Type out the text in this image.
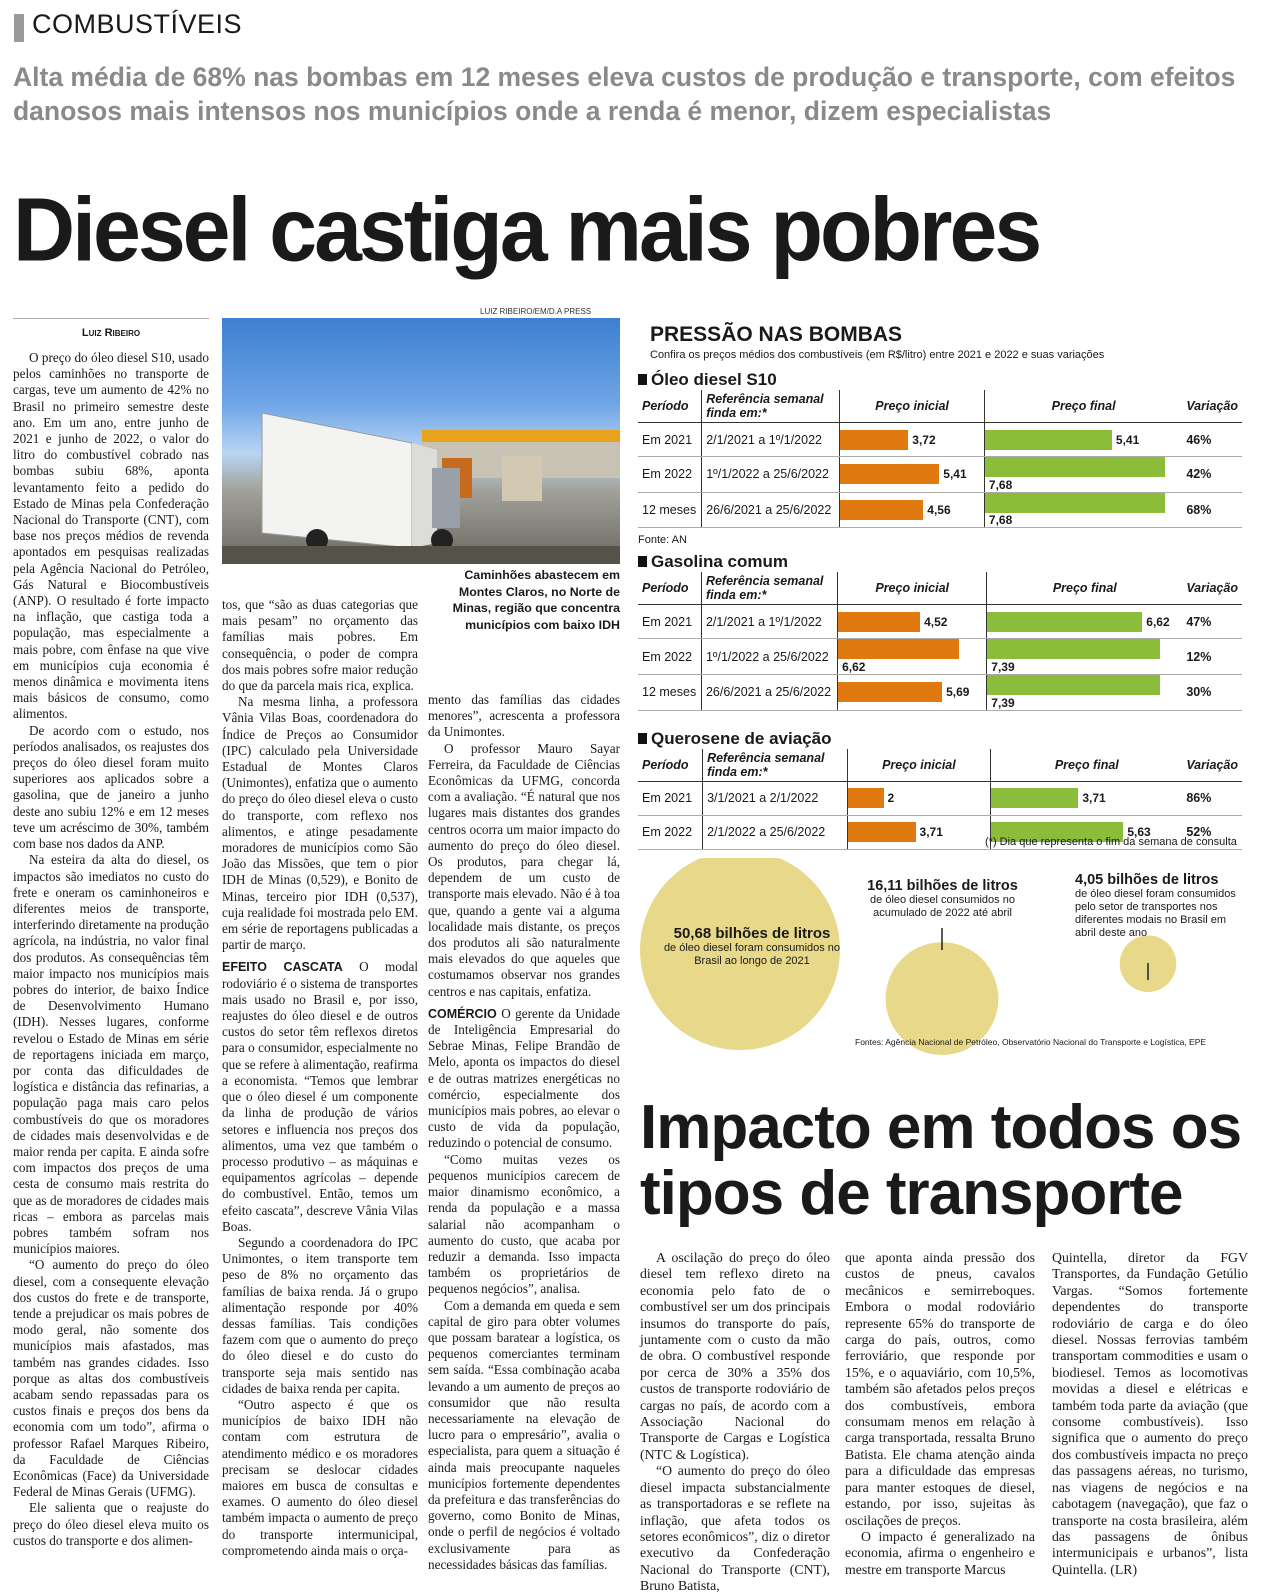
COMBUSTÍVEIS
Alta média de 68% nas bombas em 12 meses eleva custos de produção e transporte, com efeitos danosos mais intensos nos municípios onde a renda é menor, dizem especialistas
Diesel castiga mais pobres
Luiz Ribeiro

O preço do óleo diesel S10, usado pelos caminhões no transporte de cargas, teve um aumento de 42% no Brasil no primeiro semestre deste ano. Em um ano, entre junho de 2021 e junho de 2022, o valor do litro do combustível cobrado nas bombas subiu 68%, aponta levantamento feito a pedido do Estado de Minas pela Confederação Nacional do Transporte (CNT), com base nos preços médios de revenda apontados em pesquisas realizadas pela Agência Nacional do Petróleo, Gás Natural e Biocombustíveis (ANP). O resultado é forte impacto na inflação, que castiga toda a população, mas especialmente a mais pobre, com ênfase na que vive em municípios cuja economia é menos dinâmica e movimenta itens mais básicos de consumo, como alimentos.

De acordo com o estudo, nos períodos analisados, os reajustes dos preços do óleo diesel foram muito superiores aos aplicados sobre a gasolina, que de janeiro a junho deste ano subiu 12% e em 12 meses teve um acréscimo de 30%, também com base nos dados da ANP.

Na esteira da alta do diesel, os impactos são imediatos no custo do frete e oneram os caminhoneiros e diferentes meios de transporte, interferindo diretamente na produção agrícola, na indústria, no valor final dos produtos. As consequências têm maior impacto nos municípios mais pobres do interior, de baixo Índice de Desenvolvimento Humano (IDH). Nesses lugares, conforme revelou o Estado de Minas em série de reportagens iniciada em março, por conta das dificuldades de logística e distância das refinarias, a população paga mais caro pelos combustíveis do que os moradores de cidades mais desenvolvidas e de maior renda per capita. E ainda sofre com impactos dos preços de uma cesta de consumo mais restrita do que as de moradores de cidades mais ricas – embora as parcelas mais pobres também sofram nos municípios maiores.

“O aumento do preço do óleo diesel, com a consequente elevação dos custos do frete e de transporte, tende a prejudicar os mais pobres de modo geral, não somente dos municípios mais afastados, mas também nas grandes cidades. Isso porque as altas dos combustíveis acabam sendo repassadas para os custos finais e preços dos bens da economia com um todo”, afirma o professor Rafael Marques Ribeiro, da Faculdade de Ciências Econômicas (Face) da Universidade Federal de Minas Gerais (UFMG).

Ele salienta que o reajuste do preço do óleo diesel eleva muito os custos do transporte e dos alimen-

LUIZ RIBEIRO/EM/D.A PRESS
Caminhões abastecem em Montes Claros, no Norte de Minas, região que concentra municípios com baixo IDH

tos, que “são as duas categorias que mais pesam” no orçamento das famílias mais pobres. Em consequência, o poder de compra dos mais pobres sofre maior redução do que da parcela mais rica, explica.

Na mesma linha, a professora Vânia Vilas Boas, coordenadora do Índice de Preços ao Consumidor (IPC) calculado pela Universidade Estadual de Montes Claros (Unimontes), enfatiza que o aumento do preço do óleo diesel eleva o custo do transporte, com reflexo nos alimentos, e atinge pesadamente moradores de municípios como São João das Missões, que tem o pior IDH de Minas (0,529), e Bonito de Minas, terceiro pior IDH (0,537), cuja realidade foi mostrada pelo EM. em série de reportagens publicadas a partir de março.

EFEITO CASCATA O modal rodoviário é o sistema de transportes mais usado no Brasil e, por isso, reajustes do óleo diesel e de outros custos do setor têm reflexos diretos para o consumidor, especialmente no que se refere à alimentação, reafirma a economista. “Temos que lembrar que o óleo diesel é um componente da linha de produção de vários setores e influencia nos preços dos alimentos, uma vez que também o processo produtivo – as máquinas e equipamentos agrícolas – depende do combustível. Então, temos um efeito cascata”, descreve Vânia Vilas Boas.

Segundo a coordenadora do IPC Unimontes, o item transporte tem peso de 8% no orçamento das famílias de baixa renda. Já o grupo alimentação responde por 40% dessas famílias. Tais condições fazem com que o aumento do preço do óleo diesel e do custo do transporte seja mais sentido nas cidades de baixa renda per capita.

“Outro aspecto é que os municípios de baixo IDH não contam com estrutura de atendimento médico e os moradores precisam se deslocar cidades maiores em busca de consultas e exames. O aumento do óleo diesel também impacta o aumento de preço do transporte intermunicipal, comprometendo ainda mais o orça-

mento das famílias das cidades menores”, acrescenta a professora da Unimontes.

O professor Mauro Sayar Ferreira, da Faculdade de Ciências Econômicas da UFMG, concorda com a avaliação. “É natural que nos lugares mais distantes dos grandes centros ocorra um maior impacto do aumento do preço do óleo diesel. Os produtos, para chegar lá, dependem de um custo de transporte mais elevado. Não é à toa que, quando a gente vai a alguma localidade mais distante, os preços dos produtos ali são naturalmente mais elevados do que aqueles que costumamos observar nos grandes centros e nas capitais, enfatiza.

COMÉRCIO O gerente da Unidade de Inteligência Empresarial do Sebrae Minas, Felipe Brandão de Melo, aponta os impactos do diesel e de outras matrizes energéticas no comércio, especialmente dos municípios mais pobres, ao elevar o custo de vida da população, reduzindo o potencial de consumo.

“Como muitas vezes os pequenos municípios carecem de maior dinamismo econômico, a renda da população e a massa salarial não acompanham o aumento do custo, que acaba por reduzir a demanda. Isso impacta também os proprietários de pequenos negócios”, analisa.

Com a demanda em queda e sem capital de giro para obter volumes que possam baratear a logística, os pequenos comerciantes terminam sem saída. “Essa combinação acaba levando a um aumento de preços ao consumidor que não resulta necessariamente na elevação de lucro para o empresário”, avalia o especialista, para quem a situação é ainda mais preocupante naqueles municípios fortemente dependentes da prefeitura e das transferências do governo, como Bonito de Minas, onde o perfil de negócios é voltado exclusivamente para as necessidades básicas das famílias.

PRESSÃO NAS BOMBAS
Confira os preços médios dos combustíveis (em R$/litro) entre 2021 e 2022 e suas variações
Óleo diesel S10
Período	Referência semanal finda em:*	Preço inicial	Preço final	Variação
Em 2021	2/1/2021 a 1º/1/2022	3,72	5,41	46%
Em 2022	1º/1/2022 a 25/6/2022	5,41	7,68	42%
12 meses	26/6/2021 a 25/6/2022	4,56	7,68	68%
Fonte: AN
Gasolina comum
Período	Referência semanal finda em:*	Preço inicial	Preço final	Variação
Em 2021	2/1/2021 a 1º/1/2022	4,52	6,62	47%
Em 2022	1º/1/2022 a 25/6/2022	6,62	7,39	12%
12 meses	26/6/2021 a 25/6/2022	5,69	7,39	30%
Querosene de aviação
Período	Referência semanal finda em:*	Preço inicial	Preço final	Variação
Em 2021	3/1/2021 a 2/1/2022	2	3,71	86%
Em 2022	2/1/2022 a 25/6/2022	3,71	5,63	52%
(*) Dia que representa o fim da semana de consulta
50,68 bilhões de litros
de óleo diesel foram consumidos no Brasil ao longo de 2021
16,11 bilhões de litros
de óleo diesel consumidos no acumulado de 2022 até abril
4,05 bilhões de litros
de óleo diesel foram consumidos pelo setor de transportes nos diferentes modais no Brasil em abril deste ano
Fontes: Agência Nacional de Petróleo, Observatório Nacional do Transporte e Logística, EPE
Impacto em todos os tipos de transporte

A oscilação do preço do óleo diesel tem reflexo direto na economia pelo fato de o combustível ser um dos principais insumos do transporte do país, juntamente com o custo da mão de obra. O combustível responde por cerca de 30% a 35% dos custos de transporte rodoviário de cargas no país, de acordo com a Associação Nacional do Transporte de Cargas e Logística (NTC & Logística).

“O aumento do preço do óleo diesel impacta substancialmente as transportadoras e se reflete na inflação, que afeta todos os setores econômicos”, diz o diretor executivo da Confederação Nacional do Transporte (CNT), Bruno Batista,

que aponta ainda pressão dos custos de pneus, cavalos mecânicos e semirreboques. Embora o modal rodoviário represente 65% do transporte de carga do país, outros, como ferroviário, que responde por 15%, e o aquaviário, com 10,5%, também são afetados pelos preços dos combustíveis, embora consumam menos em relação à carga transportada, ressalta Bruno Batista. Ele chama atenção ainda para a dificuldade das empresas para manter estoques de diesel, estando, por isso, sujeitas às oscilações de preços.

O impacto é generalizado na economia, afirma o engenheiro e mestre em transporte Marcus

Quintella, diretor da FGV Transportes, da Fundação Getúlio Vargas. “Somos fortemente dependentes do transporte rodoviário de carga e do óleo diesel. Nossas ferrovias também transportam commodities e usam o biodiesel. Temos as locomotivas movidas a diesel e elétricas e também toda parte da aviação (que consome combustíveis). Isso significa que o aumento do preço dos combustíveis impacta no preço das passagens aéreas, no turismo, nas viagens de negócios e na cabotagem (navegação), que faz o transporte na costa brasileira, além das passagens de ônibus intermunicipais e urbanos”, lista Quintella. (LR)
